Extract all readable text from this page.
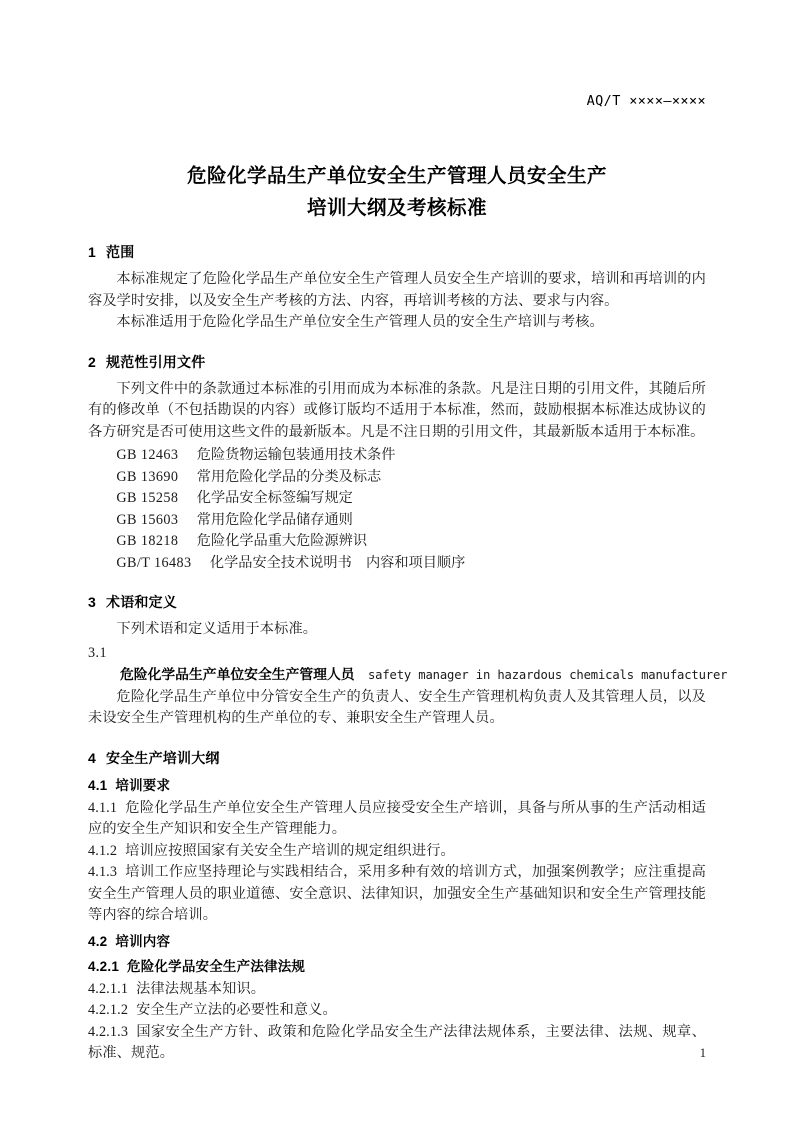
AQ/T ××××—××××
危险化学品生产单位安全生产管理人员安全生产
培训大纲及考核标准
1 范围

本标准规定了危险化学品生产单位安全生产管理人员安全生产培训的要求，培训和再培训的内容及学时安排，以及安全生产考核的方法、内容，再培训考核的方法、要求与内容。

本标准适用于危险化学品生产单位安全生产管理人员的安全生产培训与考核。

2 规范性引用文件

下列文件中的条款通过本标准的引用而成为本标准的条款。凡是注日期的引用文件，其随后所有的修改单（不包括勘误的内容）或修订版均不适用于本标准，然而，鼓励根据本标准达成协议的各方研究是否可使用这些文件的最新版本。凡是不注日期的引用文件，其最新版本适用于本标准。

GB 12463 危险货物运输包装通用技术条件
GB 13690 常用危险化学品的分类及标志
GB 15258 化学品安全标签编写规定
GB 15603 常用危险化学品储存通则
GB 18218 危险化学品重大危险源辨识
GB/T 16483 化学品安全技术说明书　内容和项目顺序
3 术语和定义

下列术语和定义适用于本标准。

3.1

危险化学品生产单位安全生产管理人员 safety manager in hazardous chemicals manufacturer

危险化学品生产单位中分管安全生产的负责人、安全生产管理机构负责人及其管理人员，以及未设安全生产管理机构的生产单位的专、兼职安全生产管理人员。

4 安全生产培训大纲
4.1 培训要求

4.1.1 危险化学品生产单位安全生产管理人员应接受安全生产培训，具备与所从事的生产活动相适应的安全生产知识和安全生产管理能力。

4.1.2 培训应按照国家有关安全生产培训的规定组织进行。

4.1.3 培训工作应坚持理论与实践相结合，采用多种有效的培训方式，加强案例教学；应注重提高安全生产管理人员的职业道德、安全意识、法律知识，加强安全生产基础知识和安全生产管理技能等内容的综合培训。

4.2 培训内容
4.2.1 危险化学品安全生产法律法规

4.2.1.1 法律法规基本知识。

4.2.1.2 安全生产立法的必要性和意义。

4.2.1.3 国家安全生产方针、政策和危险化学品安全生产法律法规体系，主要法律、法规、规章、标准、规范。	1
